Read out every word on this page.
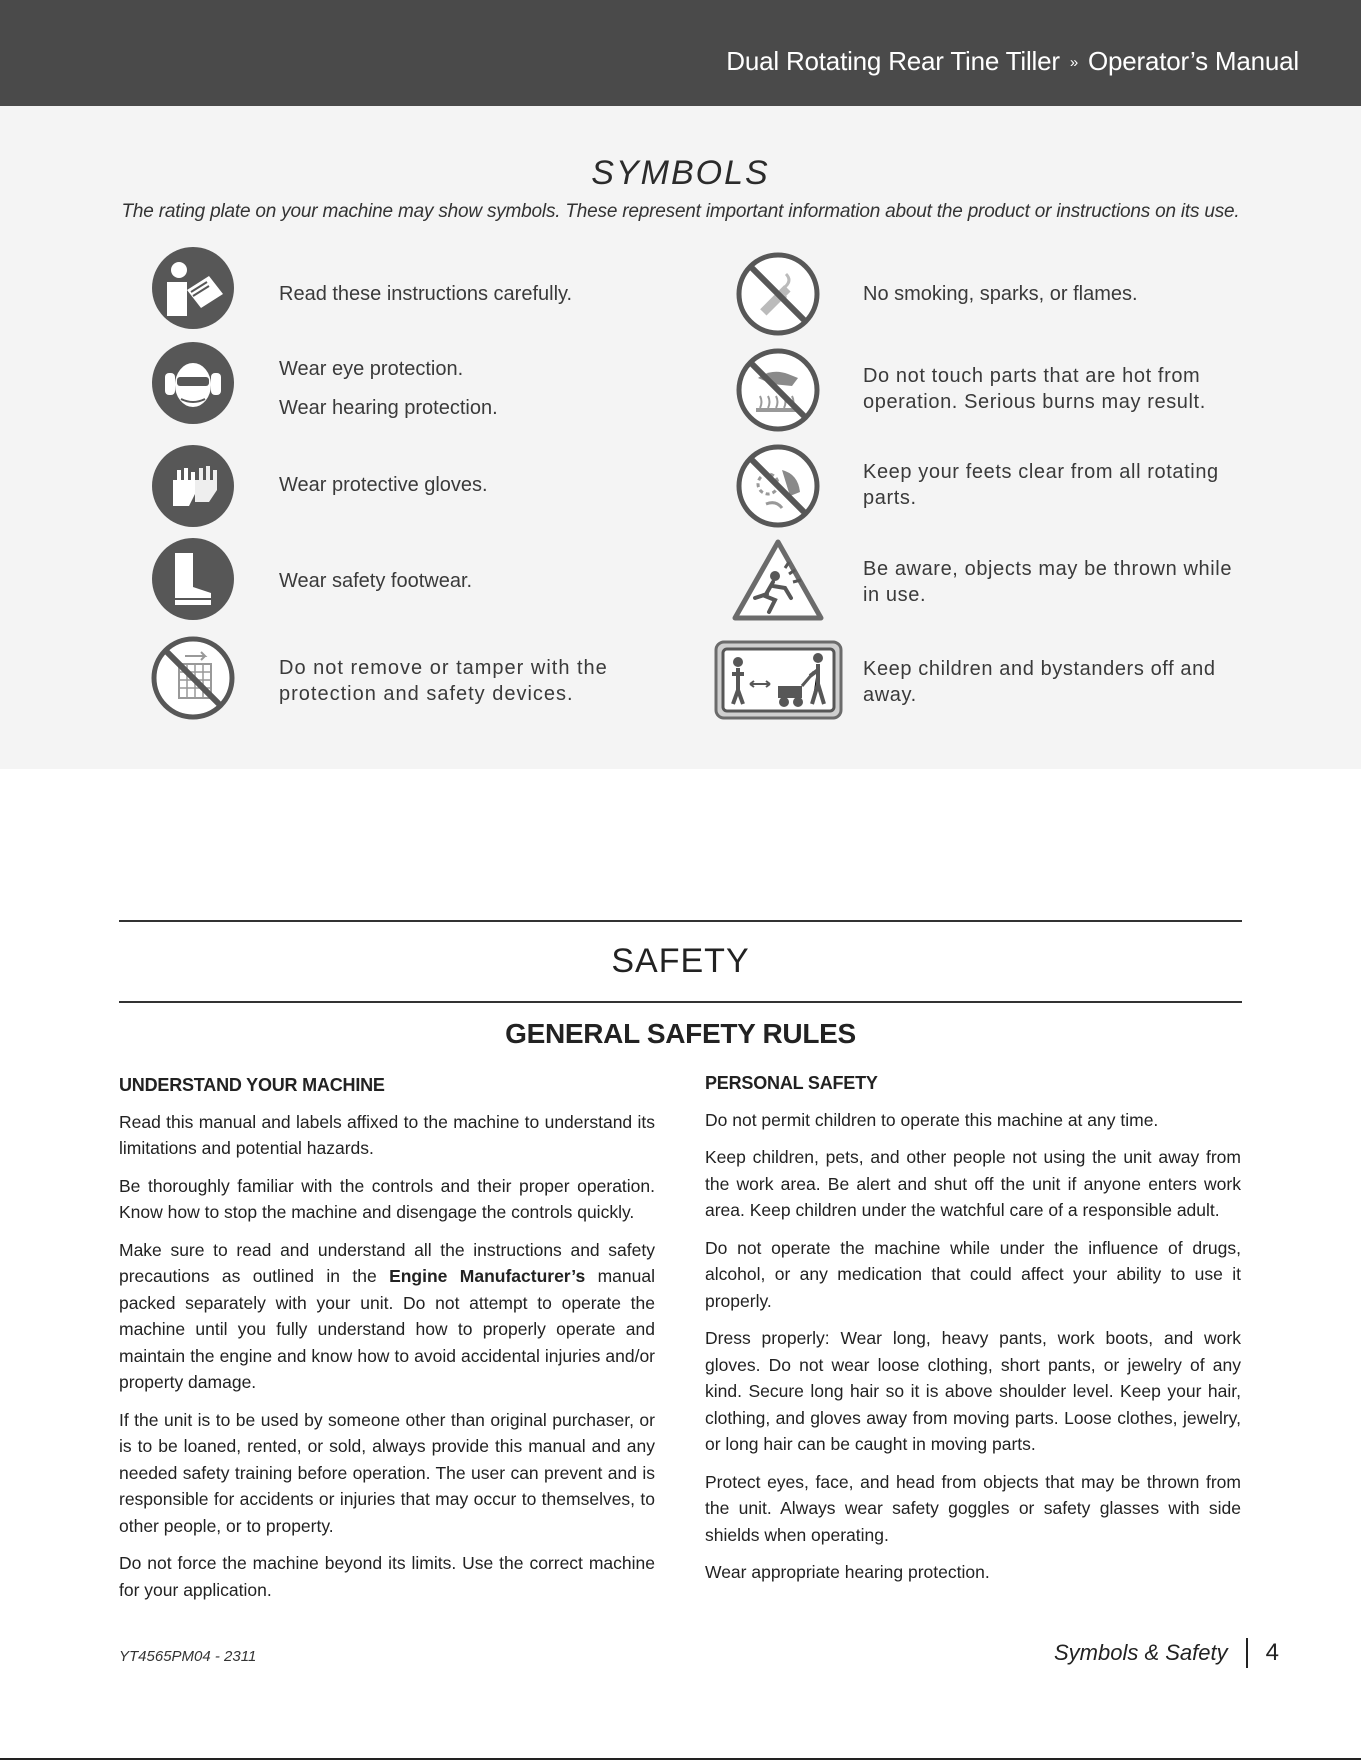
Dual Rotating Rear Tine Tiller » Operator’s Manual
SYMBOLS
The rating plate on your machine may show symbols. These represent important information about the product or instructions on its use.
Read these instructions carefully.
Wear eye protection.
Wear hearing protection.
Wear protective gloves.
Wear safety footwear.
Do not remove or tamper with the protection and safety devices.
No smoking, sparks, or flames.
Do not touch parts that are hot from operation. Serious burns may result.
Keep your feets clear from all rotating parts.
Be aware, objects may be thrown while in use.
Keep children and bystanders off and away.
SAFETY
GENERAL SAFETY RULES
UNDERSTAND YOUR MACHINE

Read this manual and labels affixed to the machine to understand its limitations and potential hazards.

Be thoroughly familiar with the controls and their proper operation. Know how to stop the machine and disengage the controls quickly.

Make sure to read and understand all the instructions and safety precautions as outlined in the Engine Manufacturer’s manual packed separately with your unit. Do not attempt to operate the machine until you fully understand how to properly operate and maintain the engine and know how to avoid accidental injuries and/or property damage.

If the unit is to be used by someone other than original purchaser, or is to be loaned, rented, or sold, always provide this manual and any needed safety training before operation. The user can prevent and is responsible for accidents or injuries that may occur to themselves, to other people, or to property.

Do not force the machine beyond its limits. Use the correct machine for your application.

PERSONAL SAFETY

Do not permit children to operate this machine at any time.

Keep children, pets, and other people not using the unit away from the work area. Be alert and shut off the unit if anyone enters work area. Keep children under the watchful care of a responsible adult.

Do not operate the machine while under the influence of drugs, alcohol, or any medication that could affect your ability to use it properly.

Dress properly: Wear long, heavy pants, work boots, and work gloves. Do not wear loose clothing, short pants, or jewelry of any kind. Secure long hair so it is above shoulder level. Keep your hair, clothing, and gloves away from moving parts. Loose clothes, jewelry, or long hair can be caught in moving parts.

Protect eyes, face, and head from objects that may be thrown from the unit. Always wear safety goggles or safety glasses with side shields when operating.

Wear appropriate hearing protection.

YT4565PM04 - 2311	Symbols & Safety 4
